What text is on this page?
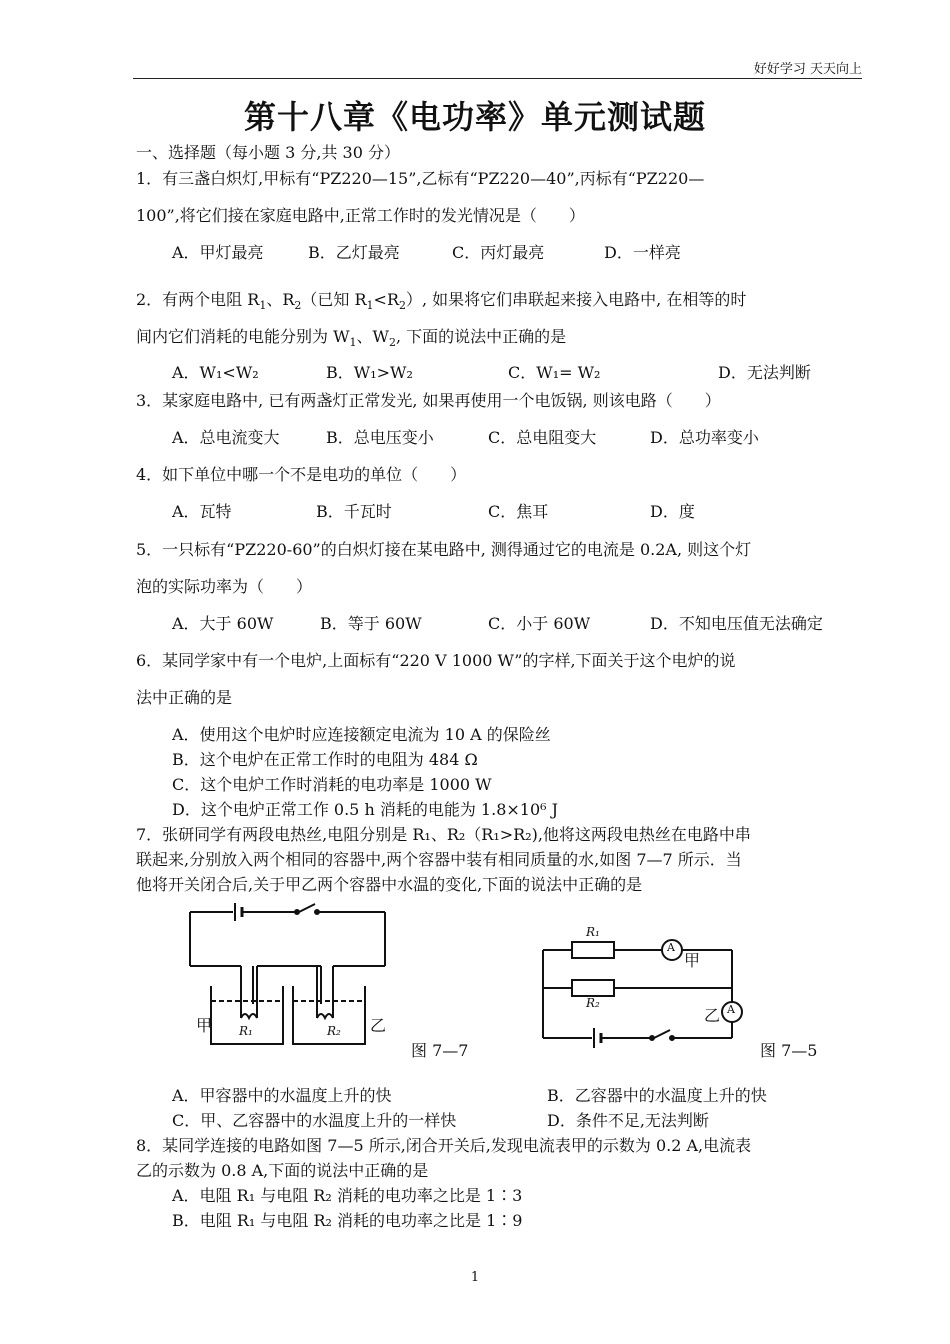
好好学习 天天向上
第十八章《电功率》单元测试题
一、选择题（每小题 3 分,共 30 分）
1．有三盏白炽灯,甲标有“PZ220—15”,乙标有“PZ220—40”,丙标有“PZ220—
100”,将它们接在家庭电路中,正常工作时的发光情况是（　　）
A．甲灯最亮	B．乙灯最亮	C．丙灯最亮	D．一样亮
2．有两个电阻 $R_1$、$R_2$（已知 $R_1<R_2$）, 如果将它们串联起来接入电路中, 在相等的时
间内它们消耗的电能分别为 $W_1$、$W_2$, 下面的说法中正确的是
A．W₁<W₂	B．W₁>W₂	C．W₁= W₂	D．无法判断
3．某家庭电路中, 已有两盏灯正常发光, 如果再使用一个电饭锅, 则该电路（　　）
A．总电流变大	B．总电压变小	C．总电阻变大	D．总功率变小
4．如下单位中哪一个不是电功的单位（　　）
A．瓦特	B．千瓦时	C．焦耳	D．度
5．一只标有“PZ220-60”的白炽灯接在某电路中, 测得通过它的电流是 0.2A, 则这个灯
泡的实际功率为（　　）
A．大于 60W	B．等于 60W	C．小于 60W	D．不知电压值无法确定
6．某同学家中有一个电炉,上面标有“220 V 1000 W”的字样,下面关于这个电炉的说
法中正确的是
A．使用这个电炉时应连接额定电流为 10 A 的保险丝
B．这个电炉在正常工作时的电阻为 484 Ω
C．这个电炉工作时消耗的电功率是 1000 W
D．这个电炉正常工作 0.5 h 消耗的电能为 1.8×10⁶ J
7．张研同学有两段电热丝,电阻分别是 R₁、R₂（R₁>R₂),他将这两段电热丝在电路中串
联起来,分别放入两个相同的容器中,两个容器中装有相同质量的水,如图 7—7 所示．当
他将开关闭合后,关于甲乙两个容器中水温的变化,下面的说法中正确的是
甲	乙
R₁	R₂
图 7—7
R₁
R₂
A
A
甲
乙
图 7—5
A．甲容器中的水温度上升的快	B．乙容器中的水温度上升的快
C．甲、乙容器中的水温度上升的一样快	D．条件不足,无法判断
8．某同学连接的电路如图 7—5 所示,闭合开关后,发现电流表甲的示数为 0.2 A,电流表
乙的示数为 0.8 A,下面的说法中正确的是
A．电阻 R₁ 与电阻 R₂ 消耗的电功率之比是 1∶3
B．电阻 R₁ 与电阻 R₂ 消耗的电功率之比是 1∶9
1
